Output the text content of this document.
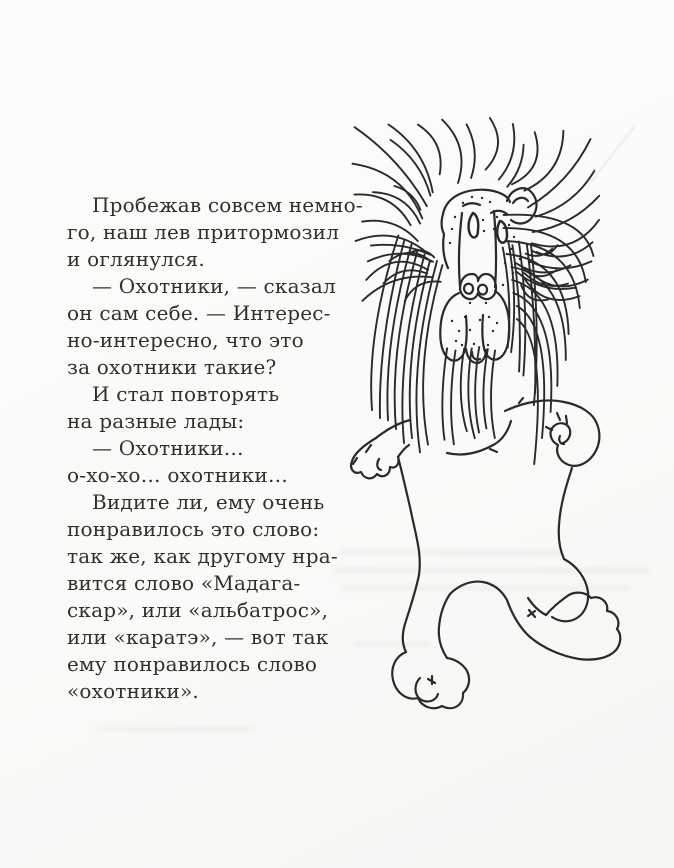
Пробежав совсем немно-
го, наш лев притормозил
и оглянулся.

— Охотники, — сказал
он сам себе. — Интерес-
но-интересно, что это
за охотники такие?

И стал повторять
на разные лады:

— Охотники…
о-хо-хо… охотники…

Видите ли, ему очень
понравилось это слово:
так же, как другому нра-
вится слово «Мадага-
скар», или «альбатрос»,
или «каратэ», — вот так
ему понравилось слово
«охотники».
